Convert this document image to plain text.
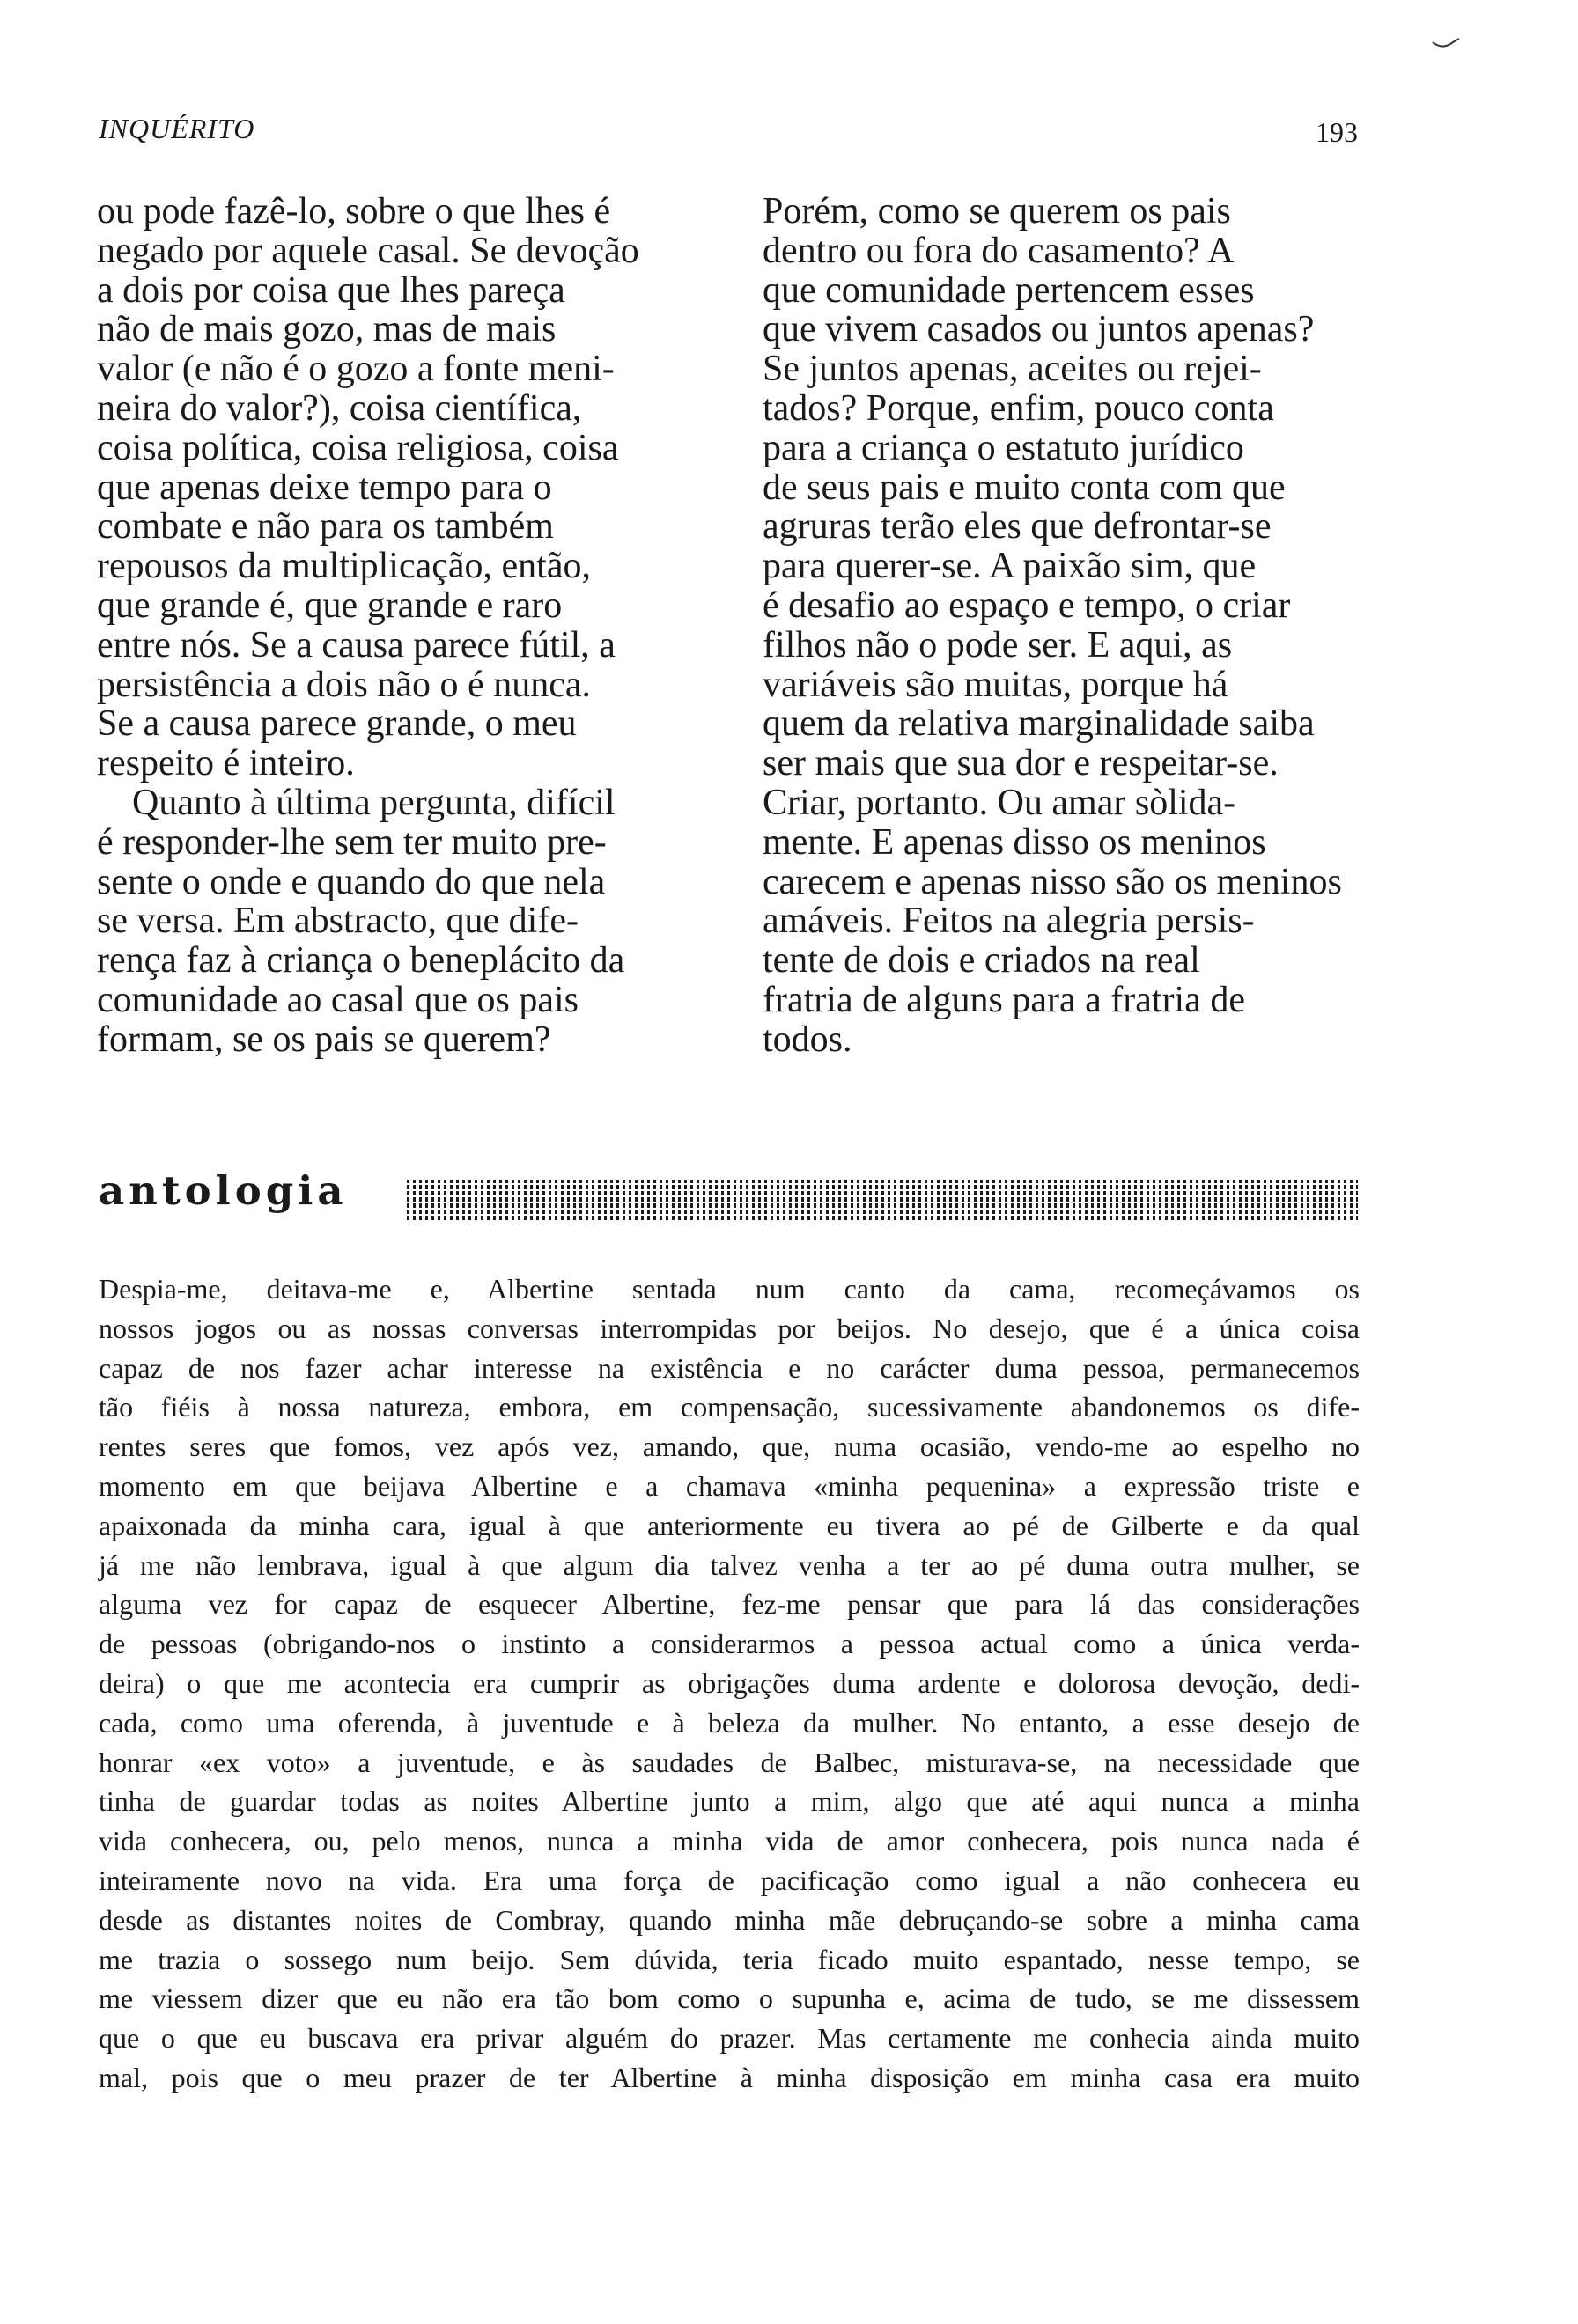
INQUÉRITO	193

ou pode fazê-lo, sobre o que lhes é
negado por aquele casal. Se devoção
a dois por coisa que lhes pareça
não de mais gozo, mas de mais
valor (e não é o gozo a fonte meni-
neira do valor?), coisa científica,
coisa política, coisa religiosa, coisa
que apenas deixe tempo para o
combate e não para os também
repousos da multiplicação, então,
que grande é, que grande e raro
entre nós. Se a causa parece fútil, a
persistência a dois não o é nunca.
Se a causa parece grande, o meu
respeito é inteiro.

Quanto à última pergunta, difícil
é responder-lhe sem ter muito pre-
sente o onde e quando do que nela
se versa. Em abstracto, que dife-
rença faz à criança o beneplácito da
comunidade ao casal que os pais
formam, se os pais se querem?

Porém, como se querem os pais
dentro ou fora do casamento? A
que comunidade pertencem esses
que vivem casados ou juntos apenas?
Se juntos apenas, aceites ou rejei-
tados? Porque, enfim, pouco conta
para a criança o estatuto jurídico
de seus pais e muito conta com que
agruras terão eles que defrontar-se
para querer-se. A paixão sim, que
é desafio ao espaço e tempo, o criar
filhos não o pode ser. E aqui, as
variáveis são muitas, porque há
quem da relativa marginalidade saiba
ser mais que sua dor e respeitar-se.
Criar, portanto. Ou amar sòlida-
mente. E apenas disso os meninos
carecem e apenas nisso são os meninos
amáveis. Feitos na alegria persis-
tente de dois e criados na real
fratria de alguns para a fratria de
todos.

antologia

Despia-me, deitava-me e, Albertine sentada num canto da cama, recomeçávamos os
nossos jogos ou as nossas conversas interrompidas por beijos. No desejo, que é a única coisa
capaz de nos fazer achar interesse na existência e no carácter duma pessoa, permanecemos
tão fiéis à nossa natureza, embora, em compensação, sucessivamente abandonemos os dife-
rentes seres que fomos, vez após vez, amando, que, numa ocasião, vendo-me ao espelho no
momento em que beijava Albertine e a chamava «minha pequenina» a expressão triste e
apaixonada da minha cara, igual à que anteriormente eu tivera ao pé de Gilberte e da qual
já me não lembrava, igual à que algum dia talvez venha a ter ao pé duma outra mulher, se
alguma vez for capaz de esquecer Albertine, fez-me pensar que para lá das considerações
de pessoas (obrigando-nos o instinto a considerarmos a pessoa actual como a única verda-
deira) o que me acontecia era cumprir as obrigações duma ardente e dolorosa devoção, dedi-
cada, como uma oferenda, à juventude e à beleza da mulher. No entanto, a esse desejo de
honrar «ex voto» a juventude, e às saudades de Balbec, misturava-se, na necessidade que
tinha de guardar todas as noites Albertine junto a mim, algo que até aqui nunca a minha
vida conhecera, ou, pelo menos, nunca a minha vida de amor conhecera, pois nunca nada é
inteiramente novo na vida. Era uma força de pacificação como igual a não conhecera eu
desde as distantes noites de Combray, quando minha mãe debruçando-se sobre a minha cama
me trazia o sossego num beijo. Sem dúvida, teria ficado muito espantado, nesse tempo, se
me viessem dizer que eu não era tão bom como o supunha e, acima de tudo, se me dissessem
que o que eu buscava era privar alguém do prazer. Mas certamente me conhecia ainda muito
mal, pois que o meu prazer de ter Albertine à minha disposição em minha casa era muito
